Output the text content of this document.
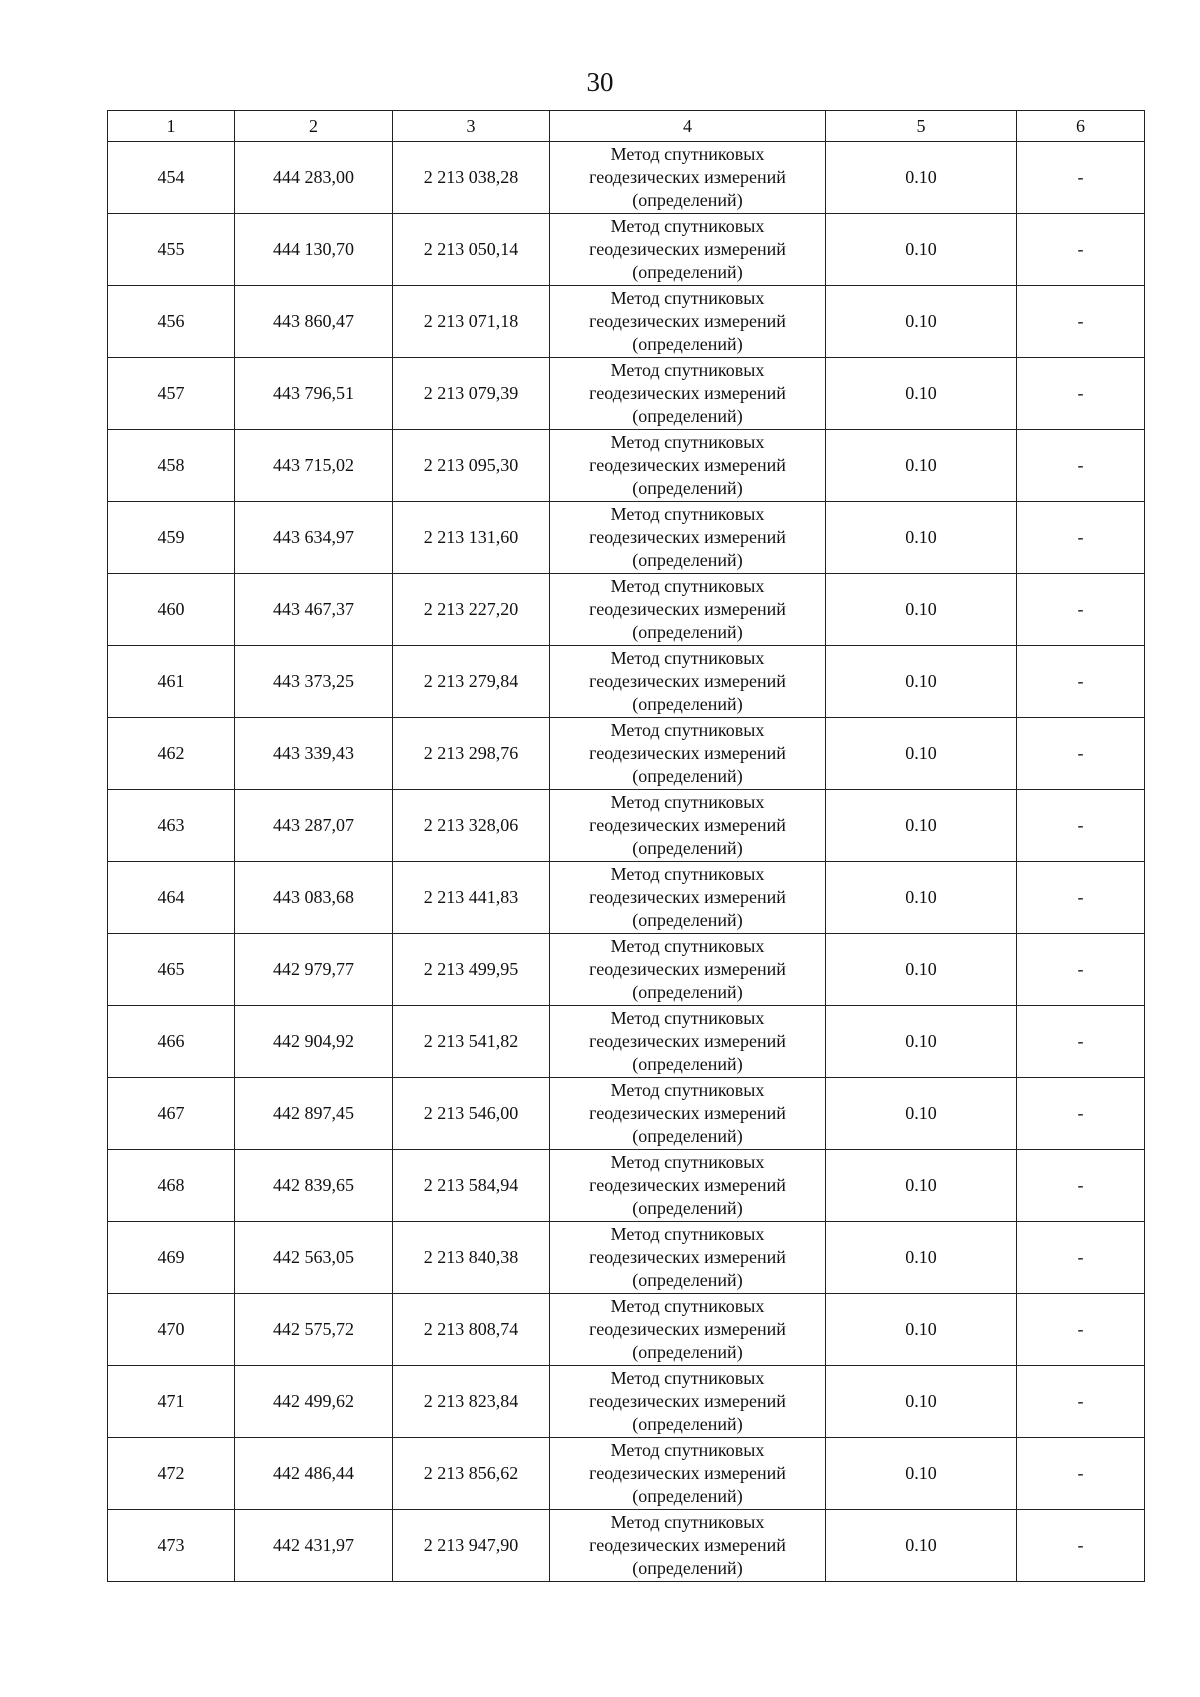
30
1	2	3	4	5	6
454	444 283,00	2 213 038,28	Метод спутниковых
геодезических измерений
(определений)	0.10	-
455	444 130,70	2 213 050,14	Метод спутниковых
геодезических измерений
(определений)	0.10	-
456	443 860,47	2 213 071,18	Метод спутниковых
геодезических измерений
(определений)	0.10	-
457	443 796,51	2 213 079,39	Метод спутниковых
геодезических измерений
(определений)	0.10	-
458	443 715,02	2 213 095,30	Метод спутниковых
геодезических измерений
(определений)	0.10	-
459	443 634,97	2 213 131,60	Метод спутниковых
геодезических измерений
(определений)	0.10	-
460	443 467,37	2 213 227,20	Метод спутниковых
геодезических измерений
(определений)	0.10	-
461	443 373,25	2 213 279,84	Метод спутниковых
геодезических измерений
(определений)	0.10	-
462	443 339,43	2 213 298,76	Метод спутниковых
геодезических измерений
(определений)	0.10	-
463	443 287,07	2 213 328,06	Метод спутниковых
геодезических измерений
(определений)	0.10	-
464	443 083,68	2 213 441,83	Метод спутниковых
геодезических измерений
(определений)	0.10	-
465	442 979,77	2 213 499,95	Метод спутниковых
геодезических измерений
(определений)	0.10	-
466	442 904,92	2 213 541,82	Метод спутниковых
геодезических измерений
(определений)	0.10	-
467	442 897,45	2 213 546,00	Метод спутниковых
геодезических измерений
(определений)	0.10	-
468	442 839,65	2 213 584,94	Метод спутниковых
геодезических измерений
(определений)	0.10	-
469	442 563,05	2 213 840,38	Метод спутниковых
геодезических измерений
(определений)	0.10	-
470	442 575,72	2 213 808,74	Метод спутниковых
геодезических измерений
(определений)	0.10	-
471	442 499,62	2 213 823,84	Метод спутниковых
геодезических измерений
(определений)	0.10	-
472	442 486,44	2 213 856,62	Метод спутниковых
геодезических измерений
(определений)	0.10	-
473	442 431,97	2 213 947,90	Метод спутниковых
геодезических измерений
(определений)	0.10	-
